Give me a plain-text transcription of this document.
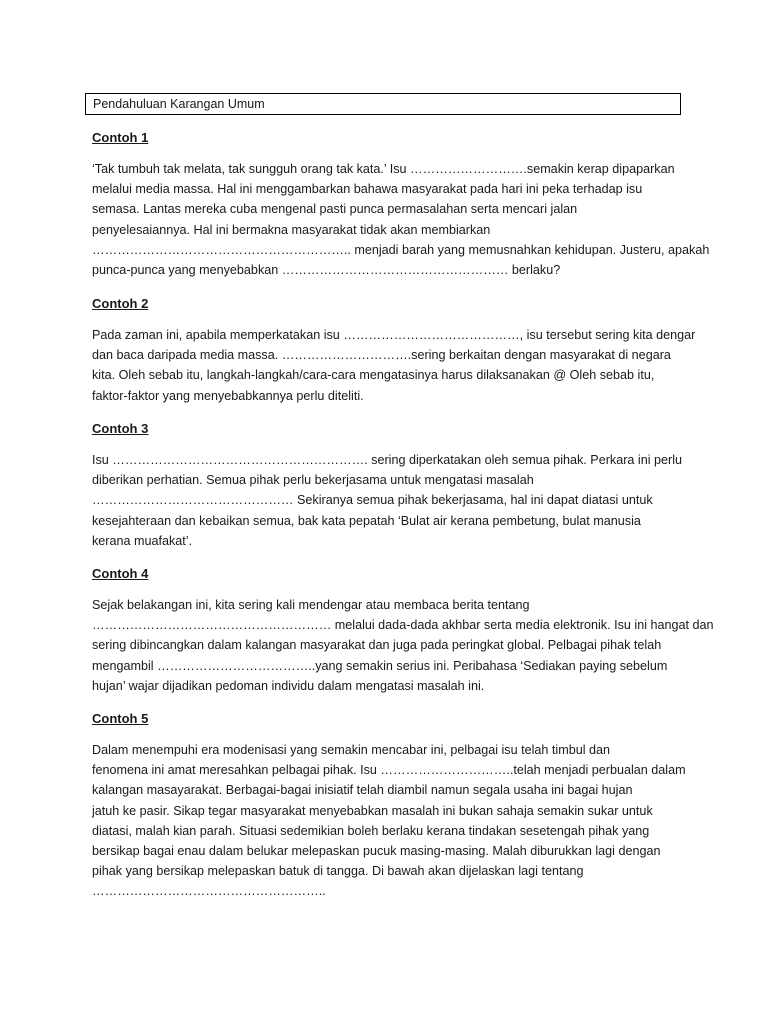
Pendahuluan Karangan Umum
Contoh 1
‘Tak tumbuh tak melata, tak sungguh orang tak kata.’ Isu ……………………….semakin kerap dipaparkan
melalui media massa. Hal ini menggambarkan bahawa masyarakat pada hari ini peka terhadap isu
semasa. Lantas mereka cuba mengenal pasti punca permasalahan serta mencari jalan
penyelesaiannya. Hal ini bermakna masyarakat tidak akan membiarkan
…………………………………………………….. menjadi barah yang memusnahkan kehidupan. Justeru, apakah
punca-punca yang menyebabkan ……………………………………………… berlaku?
Contoh 2
Pada zaman ini, apabila memperkatakan isu ……………………………………, isu tersebut sering kita dengar
dan baca daripada media massa. ………………………….sering berkaitan dengan masyarakat di negara
kita. Oleh sebab itu, langkah-langkah/cara-cara mengatasinya harus dilaksanakan @ Oleh sebab itu,
faktor-faktor yang menyebabkannya perlu diteliti.
Contoh 3
Isu ……………………………………………………. sering diperkatakan oleh semua pihak. Perkara ini perlu
diberikan perhatian. Semua pihak perlu bekerjasama untuk mengatasi masalah
………………………………………… Sekiranya semua pihak bekerjasama, hal ini dapat diatasi untuk
kesejahteraan dan kebaikan semua, bak kata pepatah ‘Bulat air kerana pembetung, bulat manusia
kerana muafakat’.
Contoh 4
Sejak belakangan ini, kita sering kali mendengar atau membaca berita tentang
………………………………………………… melalui dada-dada akhbar serta media elektronik. Isu ini hangat dan
sering dibincangkan dalam kalangan masyarakat dan juga pada peringkat global. Pelbagai pihak telah
mengambil ………………………………..yang semakin serius ini. Peribahasa ‘Sediakan paying sebelum
hujan’ wajar dijadikan pedoman individu dalam mengatasi masalah ini.
Contoh 5
Dalam menempuhi era modenisasi yang semakin mencabar ini, pelbagai isu telah timbul dan
fenomena ini amat meresahkan pelbagai pihak. Isu …………………………..telah menjadi perbualan dalam
kalangan masayarakat. Berbagai-bagai inisiatif telah diambil namun segala usaha ini bagai hujan
jatuh ke pasir. Sikap tegar masyarakat menyebabkan masalah ini bukan sahaja semakin sukar untuk
diatasi, malah kian parah. Situasi sedemikian boleh berlaku kerana tindakan sesetengah pihak yang
bersikap bagai enau dalam belukar melepaskan pucuk masing-masing. Malah diburukkan lagi dengan
pihak yang bersikap melepaskan batuk di tangga. Di bawah akan dijelaskan lagi tentang
………………………………………………..
